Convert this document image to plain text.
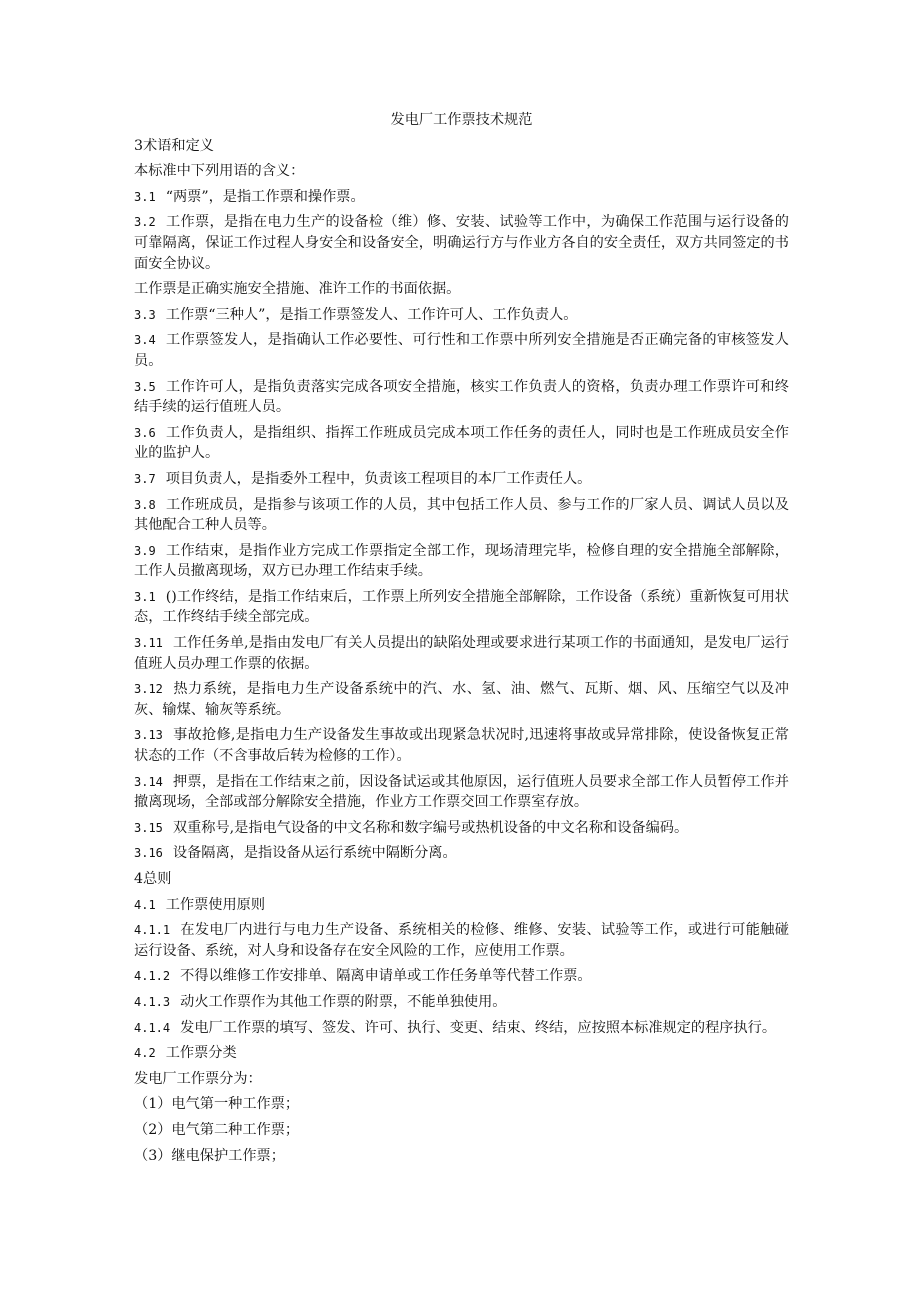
发电厂工作票技术规范
3术语和定义
本标准中下列用语的含义：
3.1 “两票”，是指工作票和操作票。
3.2 工作票，是指在电力生产的设备检（维）修、安装、试验等工作中，为确保工作范围与运行设备的可靠隔离，保证工作过程人身安全和设备安全，明确运行方与作业方各自的安全责任，双方共同签定的书面安全协议。
工作票是正确实施安全措施、准许工作的书面依据。
3.3 工作票“三种人”，是指工作票签发人、工作许可人、工作负责人。
3.4 工作票签发人，是指确认工作必要性、可行性和工作票中所列安全措施是否正确完备的审核签发人员。
3.5 工作许可人，是指负责落实完成各项安全措施，核实工作负责人的资格，负责办理工作票许可和终结手续的运行值班人员。
3.6 工作负责人，是指组织、指挥工作班成员完成本项工作任务的责任人，同时也是工作班成员安全作业的监护人。
3.7 项目负责人，是指委外工程中，负责该工程项目的本厂工作责任人。
3.8 工作班成员，是指参与该项工作的人员，其中包括工作人员、参与工作的厂家人员、调试人员以及其他配合工种人员等。
3.9 工作结束，是指作业方完成工作票指定全部工作，现场清理完毕，检修自理的安全措施全部解除，工作人员撤离现场，双方已办理工作结束手续。
3.1 ()工作终结，是指工作结束后，工作票上所列安全措施全部解除，工作设备（系统）重新恢复可用状态，工作终结手续全部完成。
3.11 工作任务单,是指由发电厂有关人员提出的缺陷处理或要求进行某项工作的书面通知，是发电厂运行值班人员办理工作票的依据。
3.12 热力系统，是指电力生产设备系统中的汽、水、氢、油、燃气、瓦斯、烟、风、压缩空气以及冲灰、输煤、输灰等系统。
3.13 事故抢修,是指电力生产设备发生事故或出现紧急状况时,迅速将事故或异常排除，使设备恢复正常状态的工作（不含事故后转为检修的工作）。
3.14 押票，是指在工作结束之前，因设备试运或其他原因，运行值班人员要求全部工作人员暂停工作并撤离现场，全部或部分解除安全措施，作业方工作票交回工作票室存放。
3.15 双重称号,是指电气设备的中文名称和数字编号或热机设备的中文名称和设备编码。
3.16 设备隔离，是指设备从运行系统中隔断分离。
4总则
4.1 工作票使用原则
4.1.1 在发电厂内进行与电力生产设备、系统相关的检修、维修、安装、试验等工作，或进行可能触碰运行设备、系统，对人身和设备存在安全风险的工作，应使用工作票。
4.1.2 不得以维修工作安排单、隔离申请单或工作任务单等代替工作票。
4.1.3 动火工作票作为其他工作票的附票，不能单独使用。
4.1.4 发电厂工作票的填写、签发、许可、执行、变更、结束、终结，应按照本标准规定的程序执行。
4.2 工作票分类
发电厂工作票分为：
（1）电气第一种工作票；
（2）电气第二种工作票；
（3）继电保护工作票；
